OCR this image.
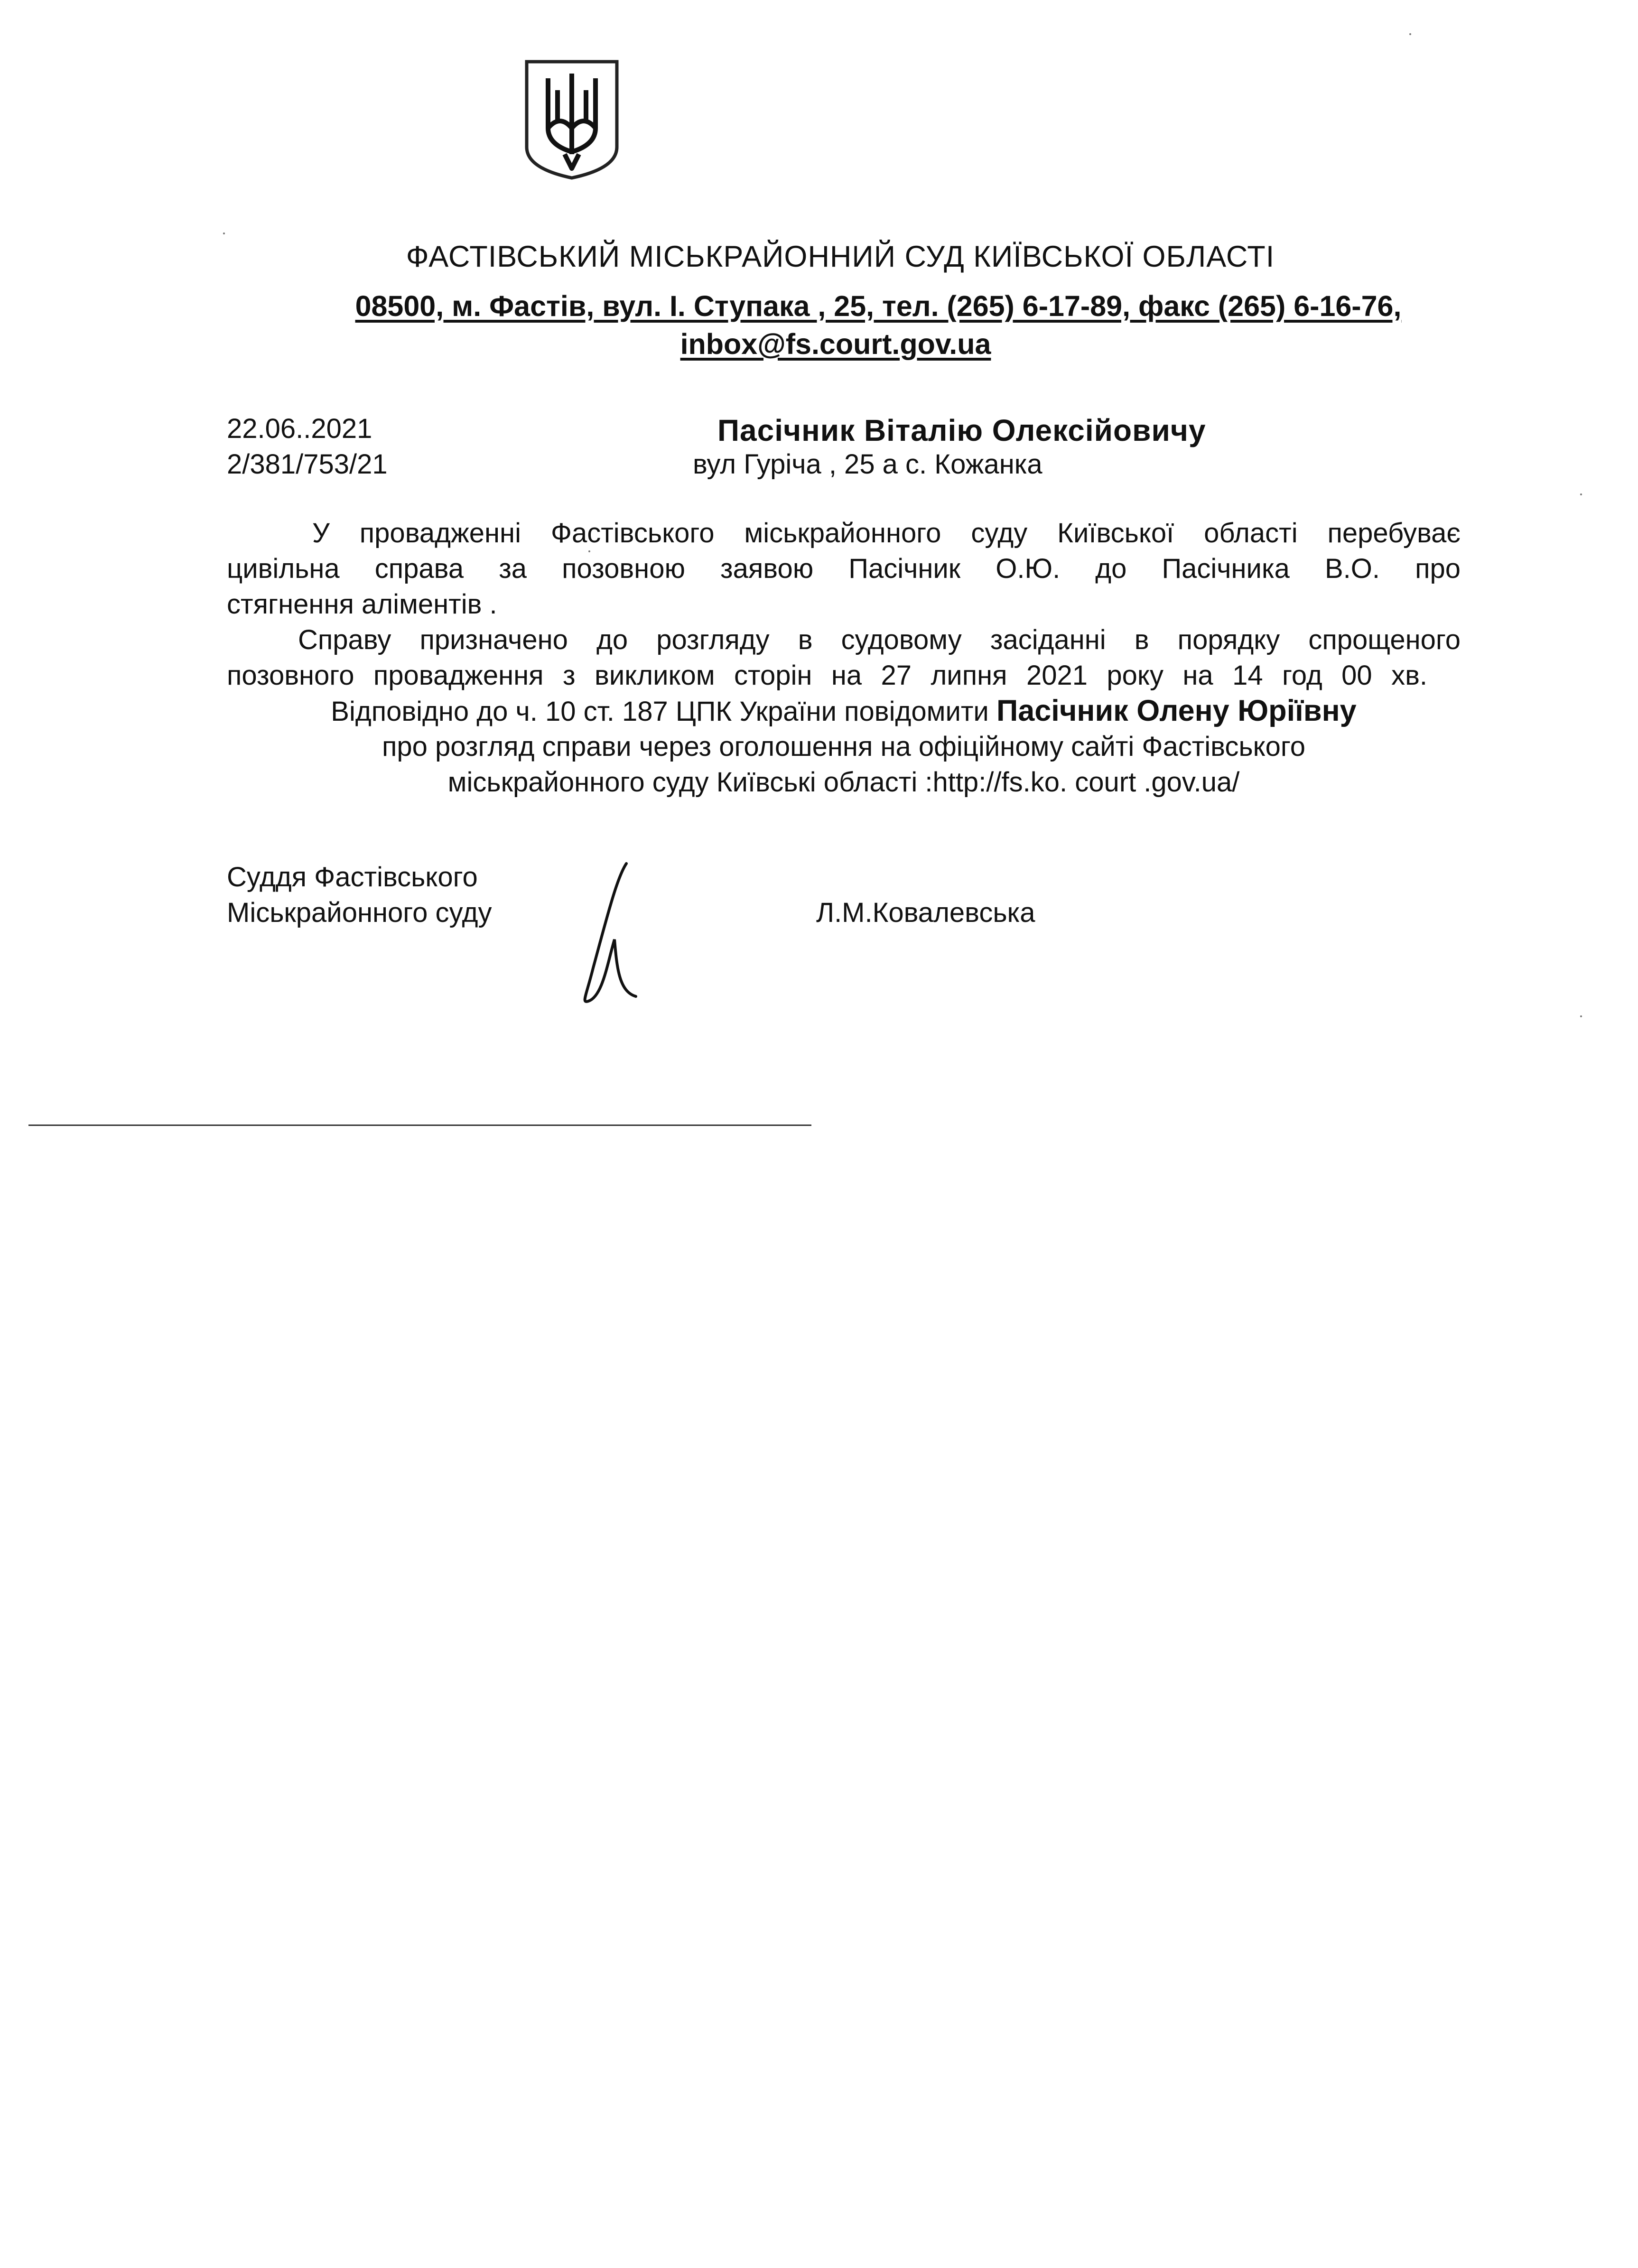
ФАСТІВСЬКИЙ МІСЬКРАЙОННИЙ СУД КИЇВСЬКОЇ ОБЛАСТІ
08500, м. Фастів, вул. І. Ступака , 25, тел. (265) 6-17-89, факс (265) 6-16-76,
inbox@fs.court.gov.ua
22.06..2021
2/381/753/21
Пасічник Віталію Олексійовичу
вул Гуріча , 25 а с. Кожанка
У провадженні Фастівського міськрайонного суду Київської області перебуває
цивільна справа за позовною заявою Пасічник О.Ю. до Пасічника В.О. про
стягнення аліментів .
Справу призначено до розгляду в судовому засіданні в порядку спрощеного
позовного провадження з викликом сторін на 27 липня 2021 року на 14 год 00 хв.
Відповідно до ч. 10 ст. 187 ЦПК України повідомити Пасічник Олену Юріївну
про розгляд справи через оголошення на офіційному сайті Фастівського
міськрайонного суду Київські області :http://fs.ko. court .gov.ua/
Суддя Фастівського
Міськрайонного суду	Л.М.Ковалевська
